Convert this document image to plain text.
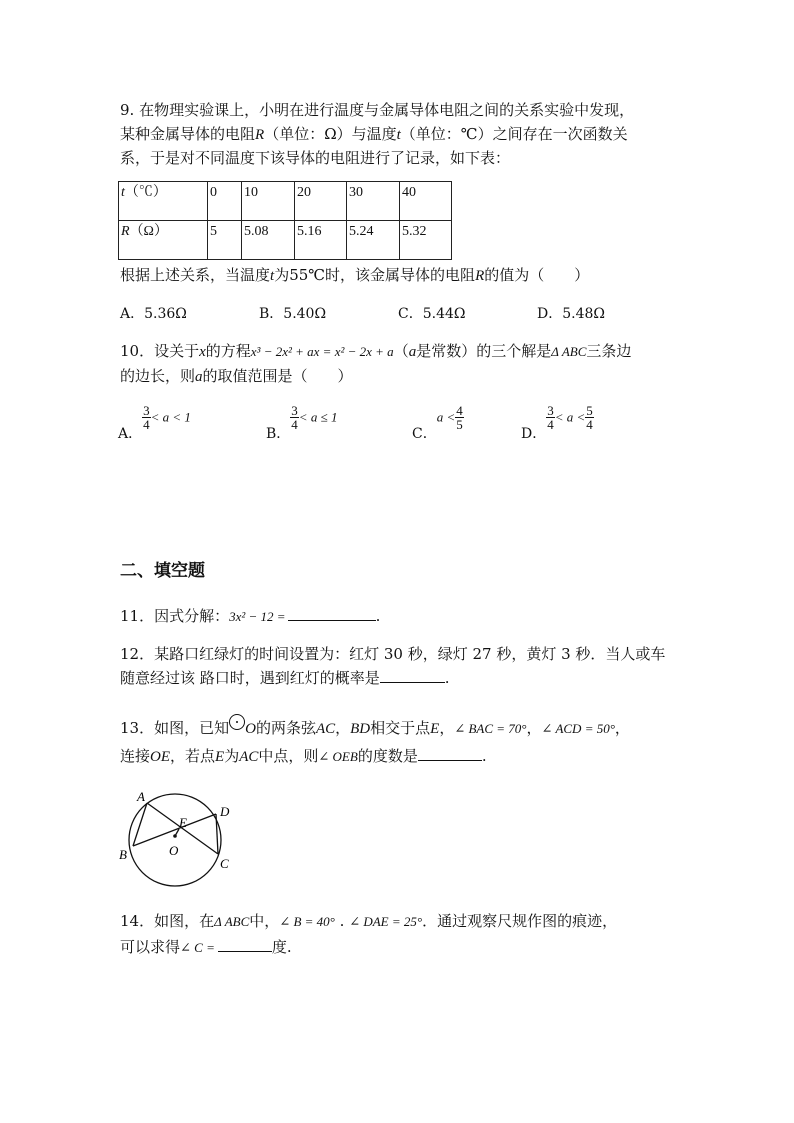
9. 在物理实验课上，小明在进行温度与金属导体电阻之间的关系实验中发现，
某种金属导体的电阻R（单位：Ω）与温度t（单位：℃）之间存在一次函数关
系，于是对不同温度下该导体的电阻进行了记录，如下表：
t（℃）	0	10	20	30	40
R（Ω）	5	5.08	5.16	5.24	5.32
根据上述关系，当温度t为55℃时，该金属导体的电阻R的值为（　　）
A．5.36Ω	B．5.40Ω	C．5.44Ω	D．5.48Ω
10．设关于x的方程x³ − 2x² + ax = x² − 2x + a（a是常数）的三个解是Δ ABC三条边
的边长，则a的取值范围是（　　）
A．
$\frac{3}{4} < a < 1$
B．
$\frac{3}{4} < a \le 1$
C．$a < \frac{4}{5}$
D．
$\frac{3}{4} < a < \frac{5}{4}$
二、填空题
11．因式分解：3x² − 12 =	.
12．某路口红绿灯的时间设置为：红灯 30 秒，绿灯 27 秒，黄灯 3 秒．当人或车
随意经过该 路口时，遇到红灯的概率是	.
13．如图，已知 O的两条弦AC，BD相交于点E，∠ BAC = 70°，∠ ACD = 50°，
连接OE，若点E为AC中点，则∠ OEB的度数是	.
A
B
C
D
E
O
14．如图，在Δ ABC中，∠ B = 40° . ∠ DAE = 25°．通过观察尺规作图的痕迹，
可以求得∠ C =	度.
